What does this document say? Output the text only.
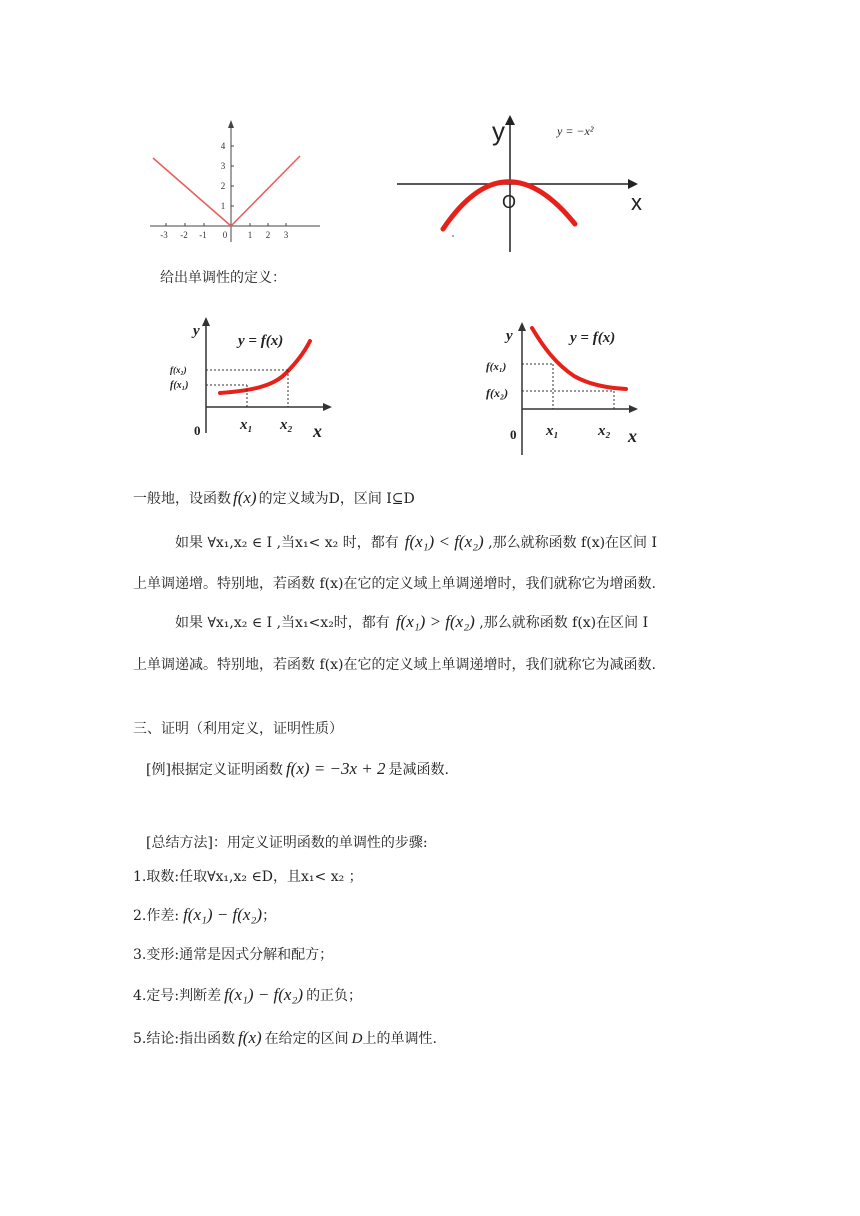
-3 -2 -1 0 1 2 3
1
2
3
4	y
x
O
y = −x²
给出单调性的定义：
f(x₂)
f(x₁)
y
y = f(x)
0	x₁ x₂ x
y	y = f(x)
f(x₁)
f(x₂)
0 x₁	x₂ x
一般地，设函数 f(x) 的定义域为D，区间 I⊆D
如果 ∀x₁,x₂ ∈ I ,当x₁< x₂ 时，都有 f(x₁) < f(x₂) ,那么就称函数 f(x)在区间 I
上单调递增。特别地，若函数 f(x)在它的定义域上单调递增时，我们就称它为增函数.
如果 ∀x₁,x₂ ∈ I ,当x₁<x₂时，都有 f(x₁) > f(x₂) ,那么就称函数 f(x)在区间 I
上单调递减。特别地，若函数 f(x)在它的定义域上单调递增时，我们就称它为减函数.
三、证明（利用定义，证明性质）
[例]根据定义证明函数 f(x) = −3x + 2 是减函数.
[总结方法]：用定义证明函数的单调性的步骤:
1.取数:任取∀x₁,x₂ ∈D，且x₁< x₂ ；
2.作差: f(x₁) − f(x₂)；
3.变形:通常是因式分解和配方；
4.定号:判断差 f(x₁) − f(x₂) 的正负；
5.结论:指出函数 f(x) 在给定的区间 D上的单调性.
